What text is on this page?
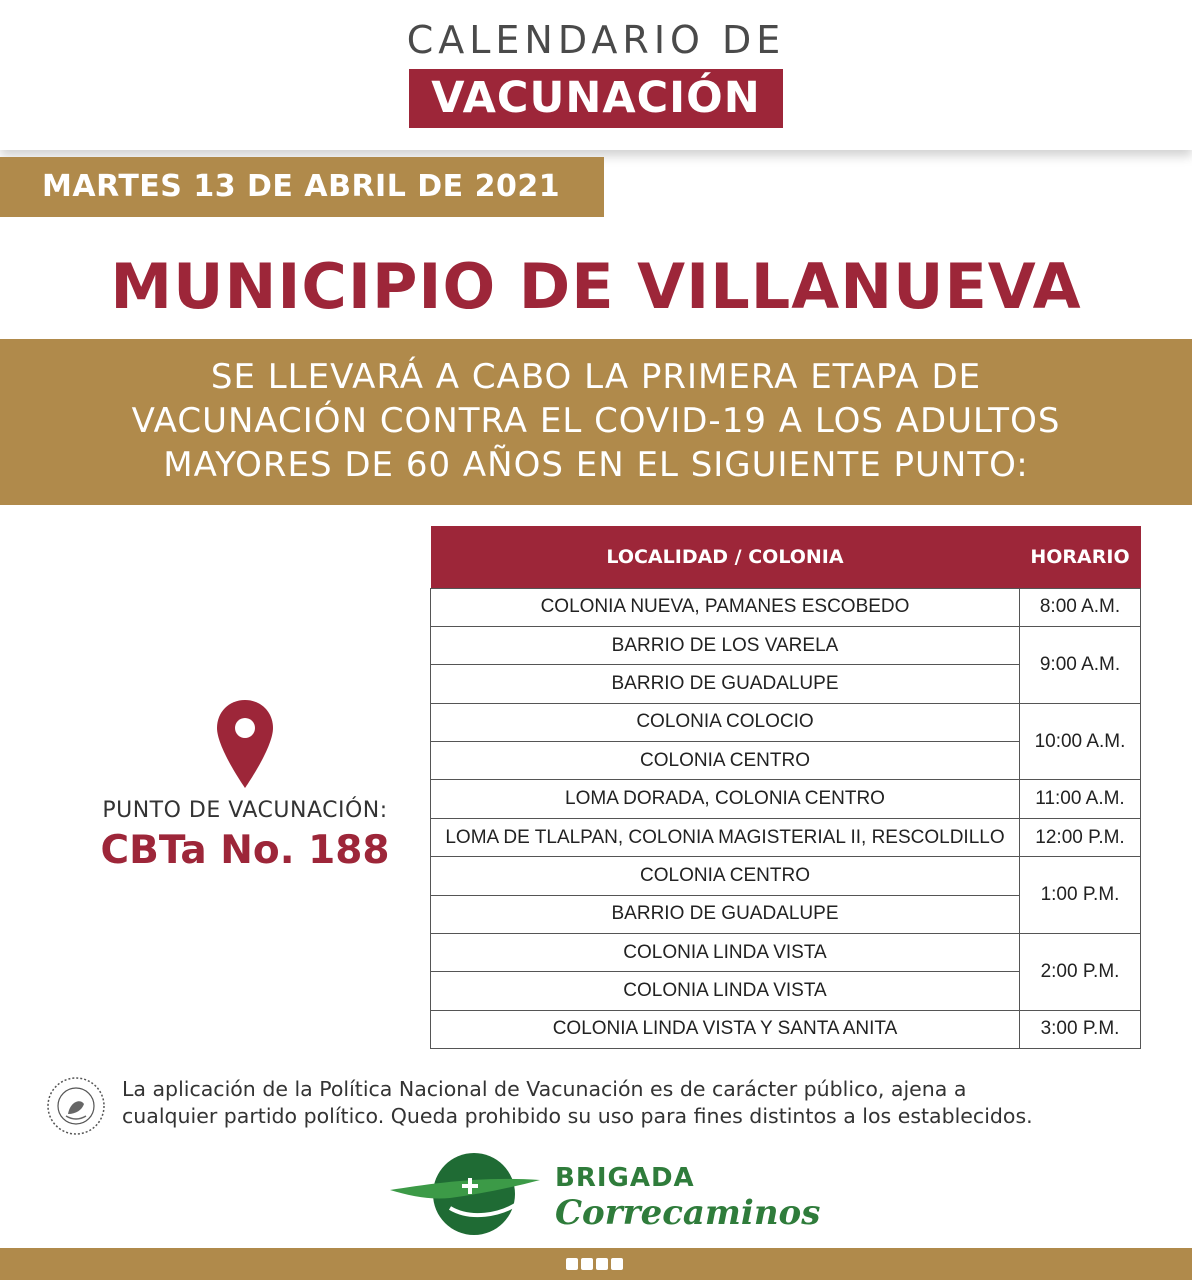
CALENDARIO DE
VACUNACIÓN
MARTES 13 DE ABRIL DE 2021
MUNICIPIO DE VILLANUEVA
SE LLEVARÁ A CABO LA PRIMERA ETAPA DE
VACUNACIÓN CONTRA EL COVID-19 A LOS ADULTOS
MAYORES DE 60 AÑOS EN EL SIGUIENTE PUNTO:
PUNTO DE VACUNACIÓN:
CBTa No. 188
LOCALIDAD / COLONIA	HORARIO
COLONIA NUEVA, PAMANES ESCOBEDO	8:00 A.M.
BARRIO DE LOS VARELA	9:00 A.M.
BARRIO DE GUADALUPE	
COLONIA COLOCIO	10:00 A.M.
COLONIA CENTRO	
LOMA DORADA, COLONIA CENTRO	11:00 A.M.
LOMA DE TLALPAN, COLONIA MAGISTERIAL II, RESCOLDILLO	12:00 P.M.
COLONIA CENTRO	1:00 P.M.
BARRIO DE GUADALUPE	
COLONIA LINDA VISTA	2:00 P.M.
COLONIA LINDA VISTA	
COLONIA LINDA VISTA Y SANTA ANITA	3:00 P.M.
La aplicación de la Política Nacional de Vacunación es de carácter público, ajena a
cualquier partido político. Queda prohibido su uso para fines distintos a los establecidos.
BRIGADA
Correcaminos
